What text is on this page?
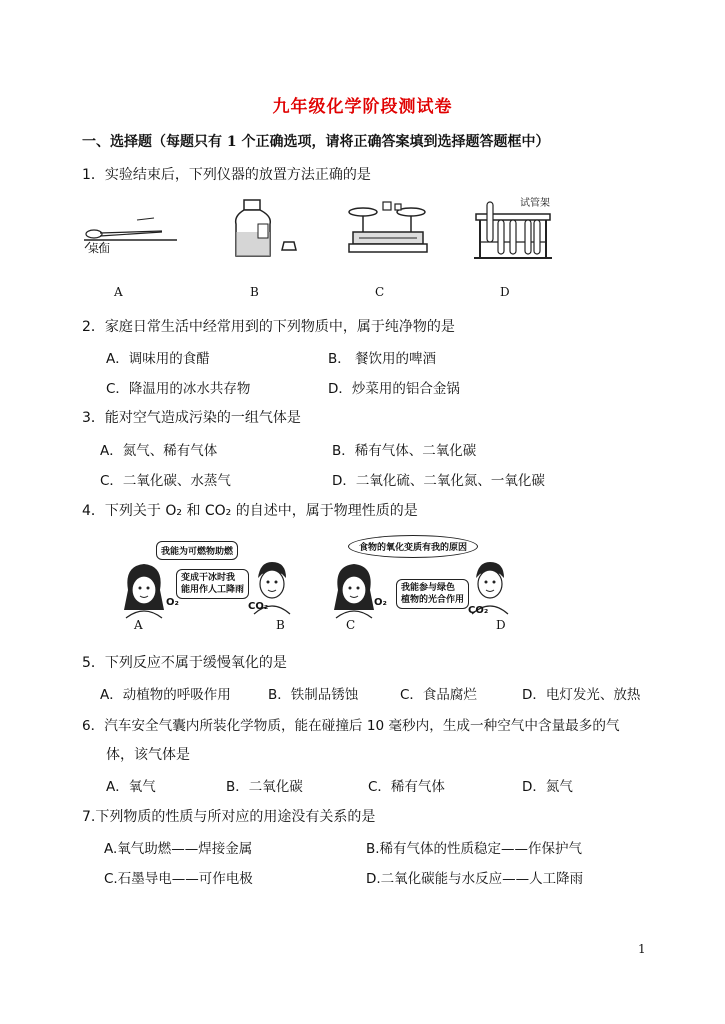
九年级化学阶段测试卷
一、选择题（每题只有 1 个正确选项，请将正确答案填到选择题答题框中）
1．实验结束后，下列仪器的放置方法正确的是
桌面
试管架
A	B	C	D
2．家庭日常生活中经常用到的下列物质中，属于纯净物的是
A．调味用的食醋	B． 餐饮用的啤酒
C．降温用的冰水共存物	D．炒菜用的铝合金锅
3．能对空气造成污染的一组气体是
A．氮气、稀有气体	B．稀有气体、二氧化碳
C．二氧化碳、水蒸气	D．二氧化硫、二氧化氮、一氧化碳
4．下列关于 O₂ 和 CO₂ 的自述中，属于物理性质的是
我能为可燃物助燃
变成干冰时我
能用作人工降雨
O₂	CO₂
食物的氧化变质有我的原因
我能参与绿色
植物的光合作用
O₂
CO₂
A	B	C	D
5．下列反应不属于缓慢氧化的是
A．动植物的呼吸作用	B．铁制品锈蚀	C．食品腐烂	D．电灯发光、放热
6．汽车安全气囊内所装化学物质，能在碰撞后 10 毫秒内，生成一种空气中含量最多的气
体，该气体是
A．氧气	B．二氧化碳	C．稀有气体	D．氮气
7.下列物质的性质与所对应的用途没有关系的是
A.氧气助燃——焊接金属	B.稀有气体的性质稳定——作保护气
C.石墨导电——可作电极	D.二氧化碳能与水反应——人工降雨
1
